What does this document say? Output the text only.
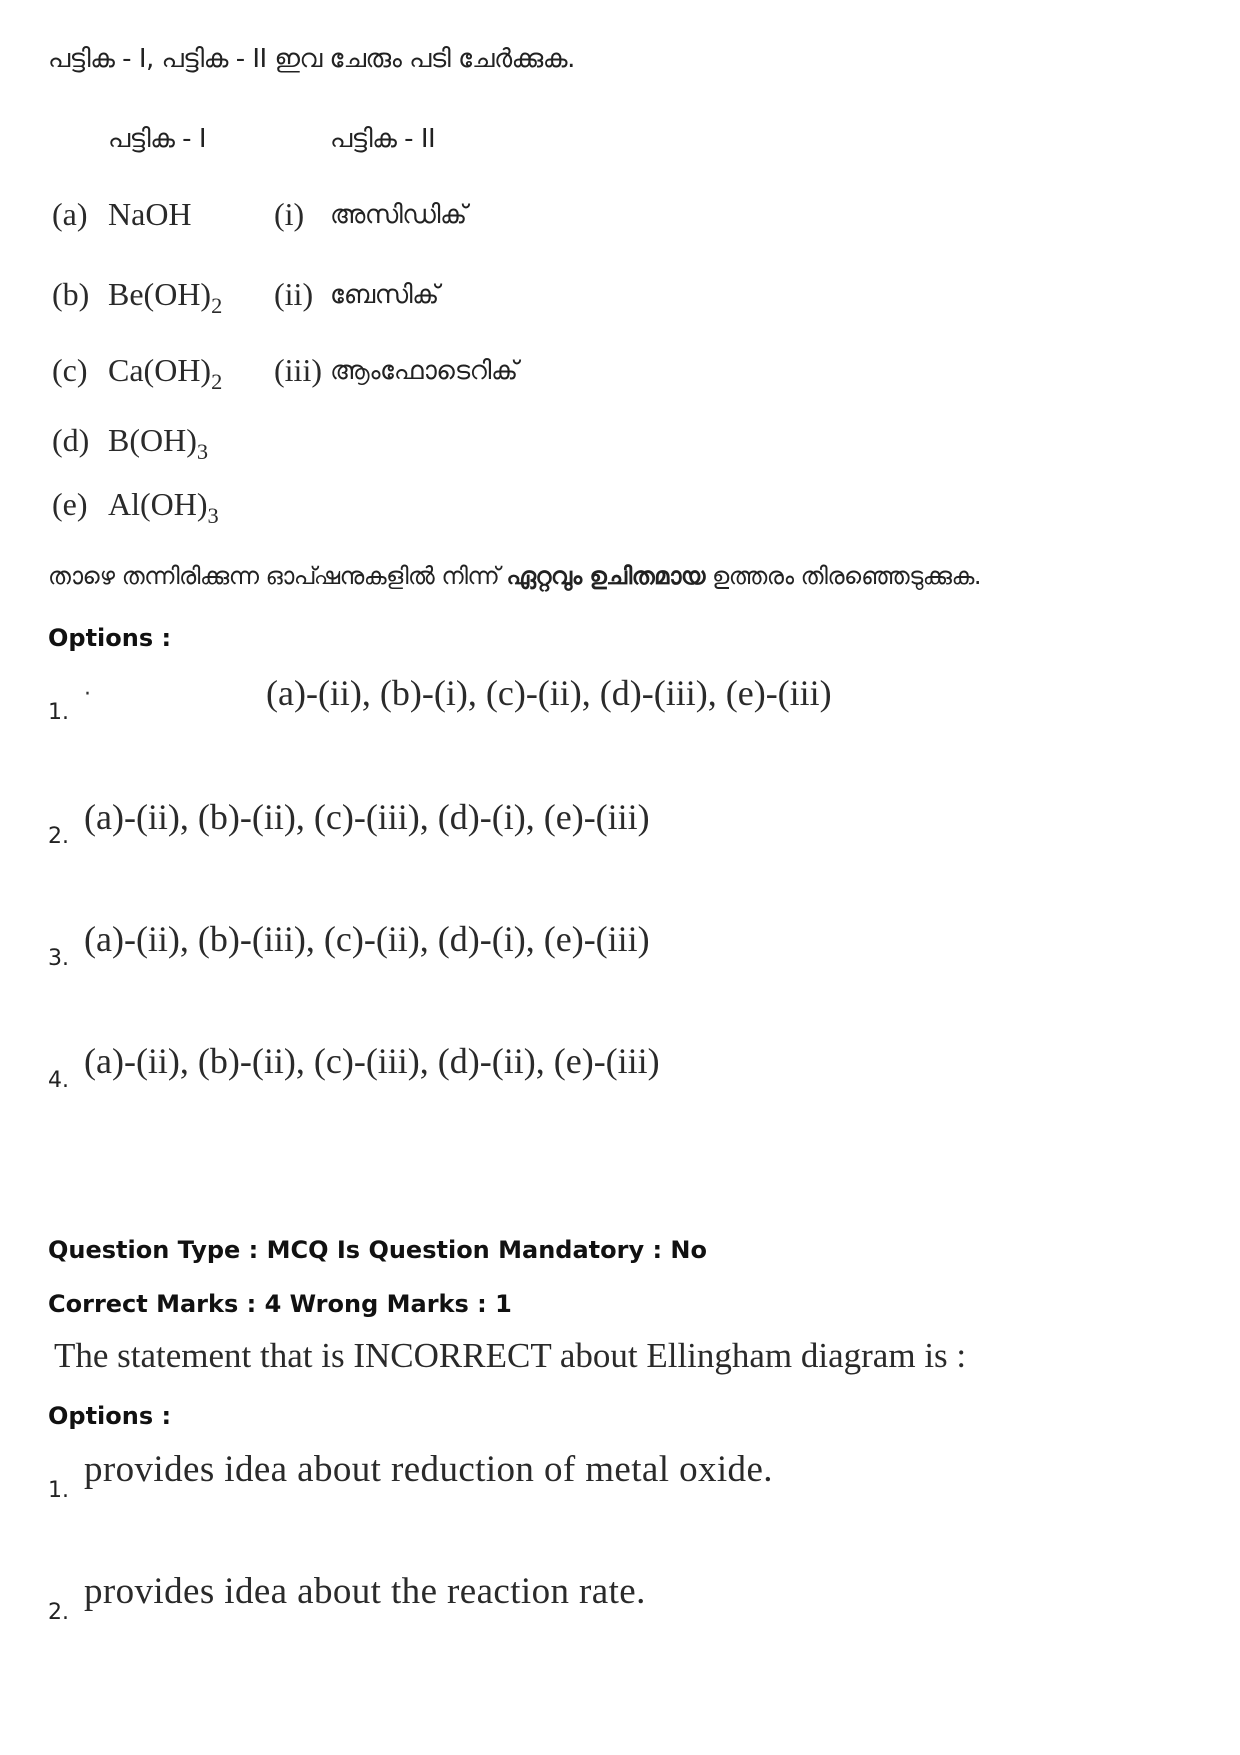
പട്ടിക - I, പട്ടിക - II ഇവ ചേരും പടി ചേർക്കുക.
പട്ടിക - I	പട്ടിക - II
(a) NaOH
(b) $Be(OH)_2$
(c) $Ca(OH)_2$
(d) $B(OH)_3$
(e) $Al(OH)_3$
(i) അസിഡിക്
(ii) ബേസിക്
(iii) ആംഫോടെറിക്
താഴെ തന്നിരിക്കുന്ന ഓപ്ഷനുകളിൽ നിന്ന് ഏറ്റവും ഉചിതമായ ഉത്തരം തിരഞ്ഞെടുക്കുക.
Options :
1.
·	(a)-(ii), (b)-(i), (c)-(ii), (d)-(iii), (e)-(iii)
2. (a)-(ii), (b)-(ii), (c)-(iii), (d)-(i), (e)-(iii)
3. (a)-(ii), (b)-(iii), (c)-(ii), (d)-(i), (e)-(iii)
4. (a)-(ii), (b)-(ii), (c)-(iii), (d)-(ii), (e)-(iii)
Question Type : MCQ Is Question Mandatory : No
Correct Marks : 4 Wrong Marks : 1
The statement that is INCORRECT about Ellingham diagram is :
Options :
1.
provides idea about reduction of metal oxide.
2.
provides idea about the reaction rate.
